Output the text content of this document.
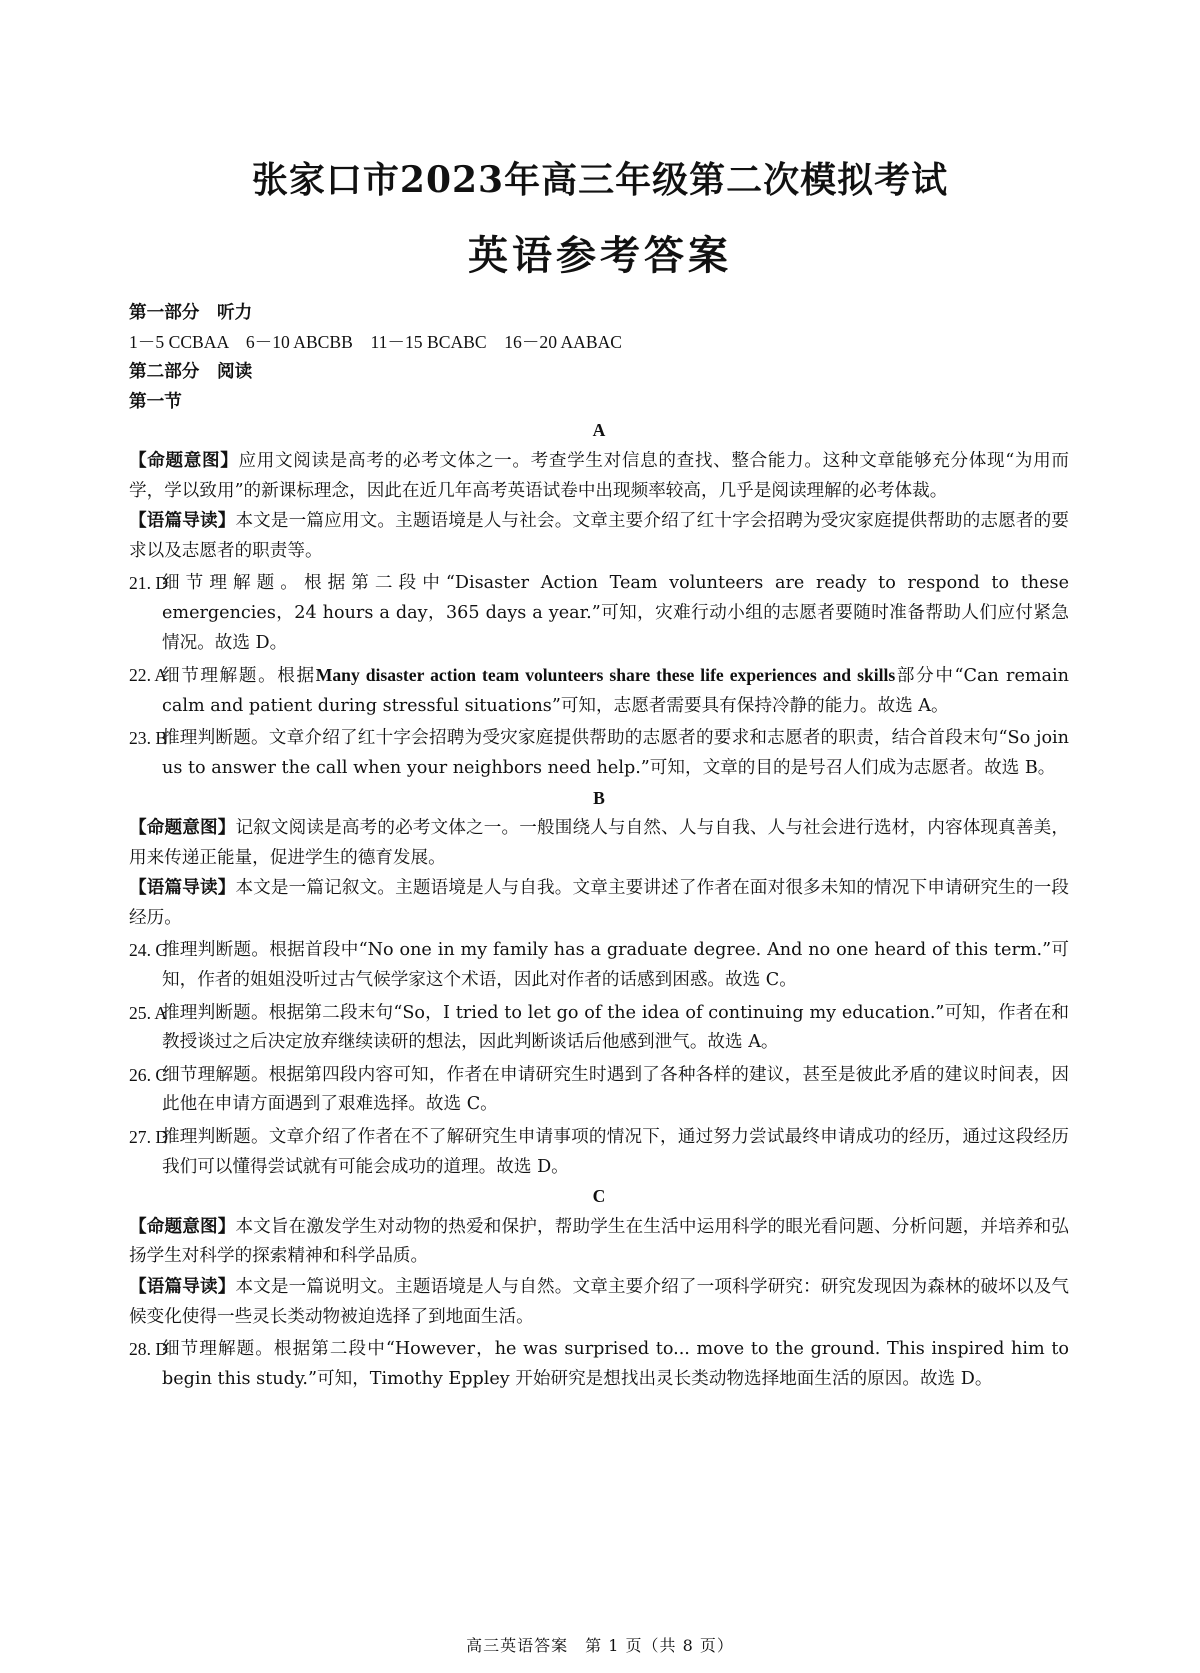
张家口市2023年高三年级第二次模拟考试
英语参考答案
第一部分　听力
1－5 CCBAA　6－10 ABCBB　11－15 BCABC　16－20 AABAC
第二部分　阅读
第一节
A
【命题意图】应用文阅读是高考的必考文体之一。考查学生对信息的查找、整合能力。这种文章能够充分体现“为用而学，学以致用”的新课标理念，因此在近几年高考英语试卷中出现频率较高，几乎是阅读理解的必考体裁。
【语篇导读】本文是一篇应用文。主题语境是人与社会。文章主要介绍了红十字会招聘为受灾家庭提供帮助的志愿者的要求以及志愿者的职责等。
21. D
细节理解题。根据第二段中“Disaster Action Team volunteers are ready to respond to these emergencies，24 hours a day，365 days a year.”可知，灾难行动小组的志愿者要随时准备帮助人们应付紧急情况。故选 D。
22. A
细节理解题。根据Many disaster action team volunteers share these life experiences and skills部分中“Can remain calm and patient during stressful situations”可知，志愿者需要具有保持冷静的能力。故选 A。
23. B
推理判断题。文章介绍了红十字会招聘为受灾家庭提供帮助的志愿者的要求和志愿者的职责，结合首段末句“So join us to answer the call when your neighbors need help.”可知，文章的目的是号召人们成为志愿者。故选 B。
B
【命题意图】记叙文阅读是高考的必考文体之一。一般围绕人与自然、人与自我、人与社会进行选材，内容体现真善美，用来传递正能量，促进学生的德育发展。
【语篇导读】本文是一篇记叙文。主题语境是人与自我。文章主要讲述了作者在面对很多未知的情况下申请研究生的一段经历。
24. C
推理判断题。根据首段中“No one in my family has a graduate degree. And no one heard of this term.”可知，作者的姐姐没听过古气候学家这个术语，因此对作者的话感到困惑。故选 C。
25. A
推理判断题。根据第二段末句“So，I tried to let go of the idea of continuing my education.”可知，作者在和教授谈过之后决定放弃继续读研的想法，因此判断谈话后他感到泄气。故选 A。
26. C
细节理解题。根据第四段内容可知，作者在申请研究生时遇到了各种各样的建议，甚至是彼此矛盾的建议时间表，因此他在申请方面遇到了艰难选择。故选 C。
27. D
推理判断题。文章介绍了作者在不了解研究生申请事项的情况下，通过努力尝试最终申请成功的经历，通过这段经历我们可以懂得尝试就有可能会成功的道理。故选 D。
C
【命题意图】本文旨在激发学生对动物的热爱和保护，帮助学生在生活中运用科学的眼光看问题、分析问题，并培养和弘扬学生对科学的探索精神和科学品质。
【语篇导读】本文是一篇说明文。主题语境是人与自然。文章主要介绍了一项科学研究：研究发现因为森林的破坏以及气候变化使得一些灵长类动物被迫选择了到地面生活。
28. D
细节理解题。根据第二段中“However，he was surprised to... move to the ground. This inspired him to begin this study.”可知，Timothy Eppley 开始研究是想找出灵长类动物选择地面生活的原因。故选 D。
高三英语答案　第 1 页（共 8 页）
